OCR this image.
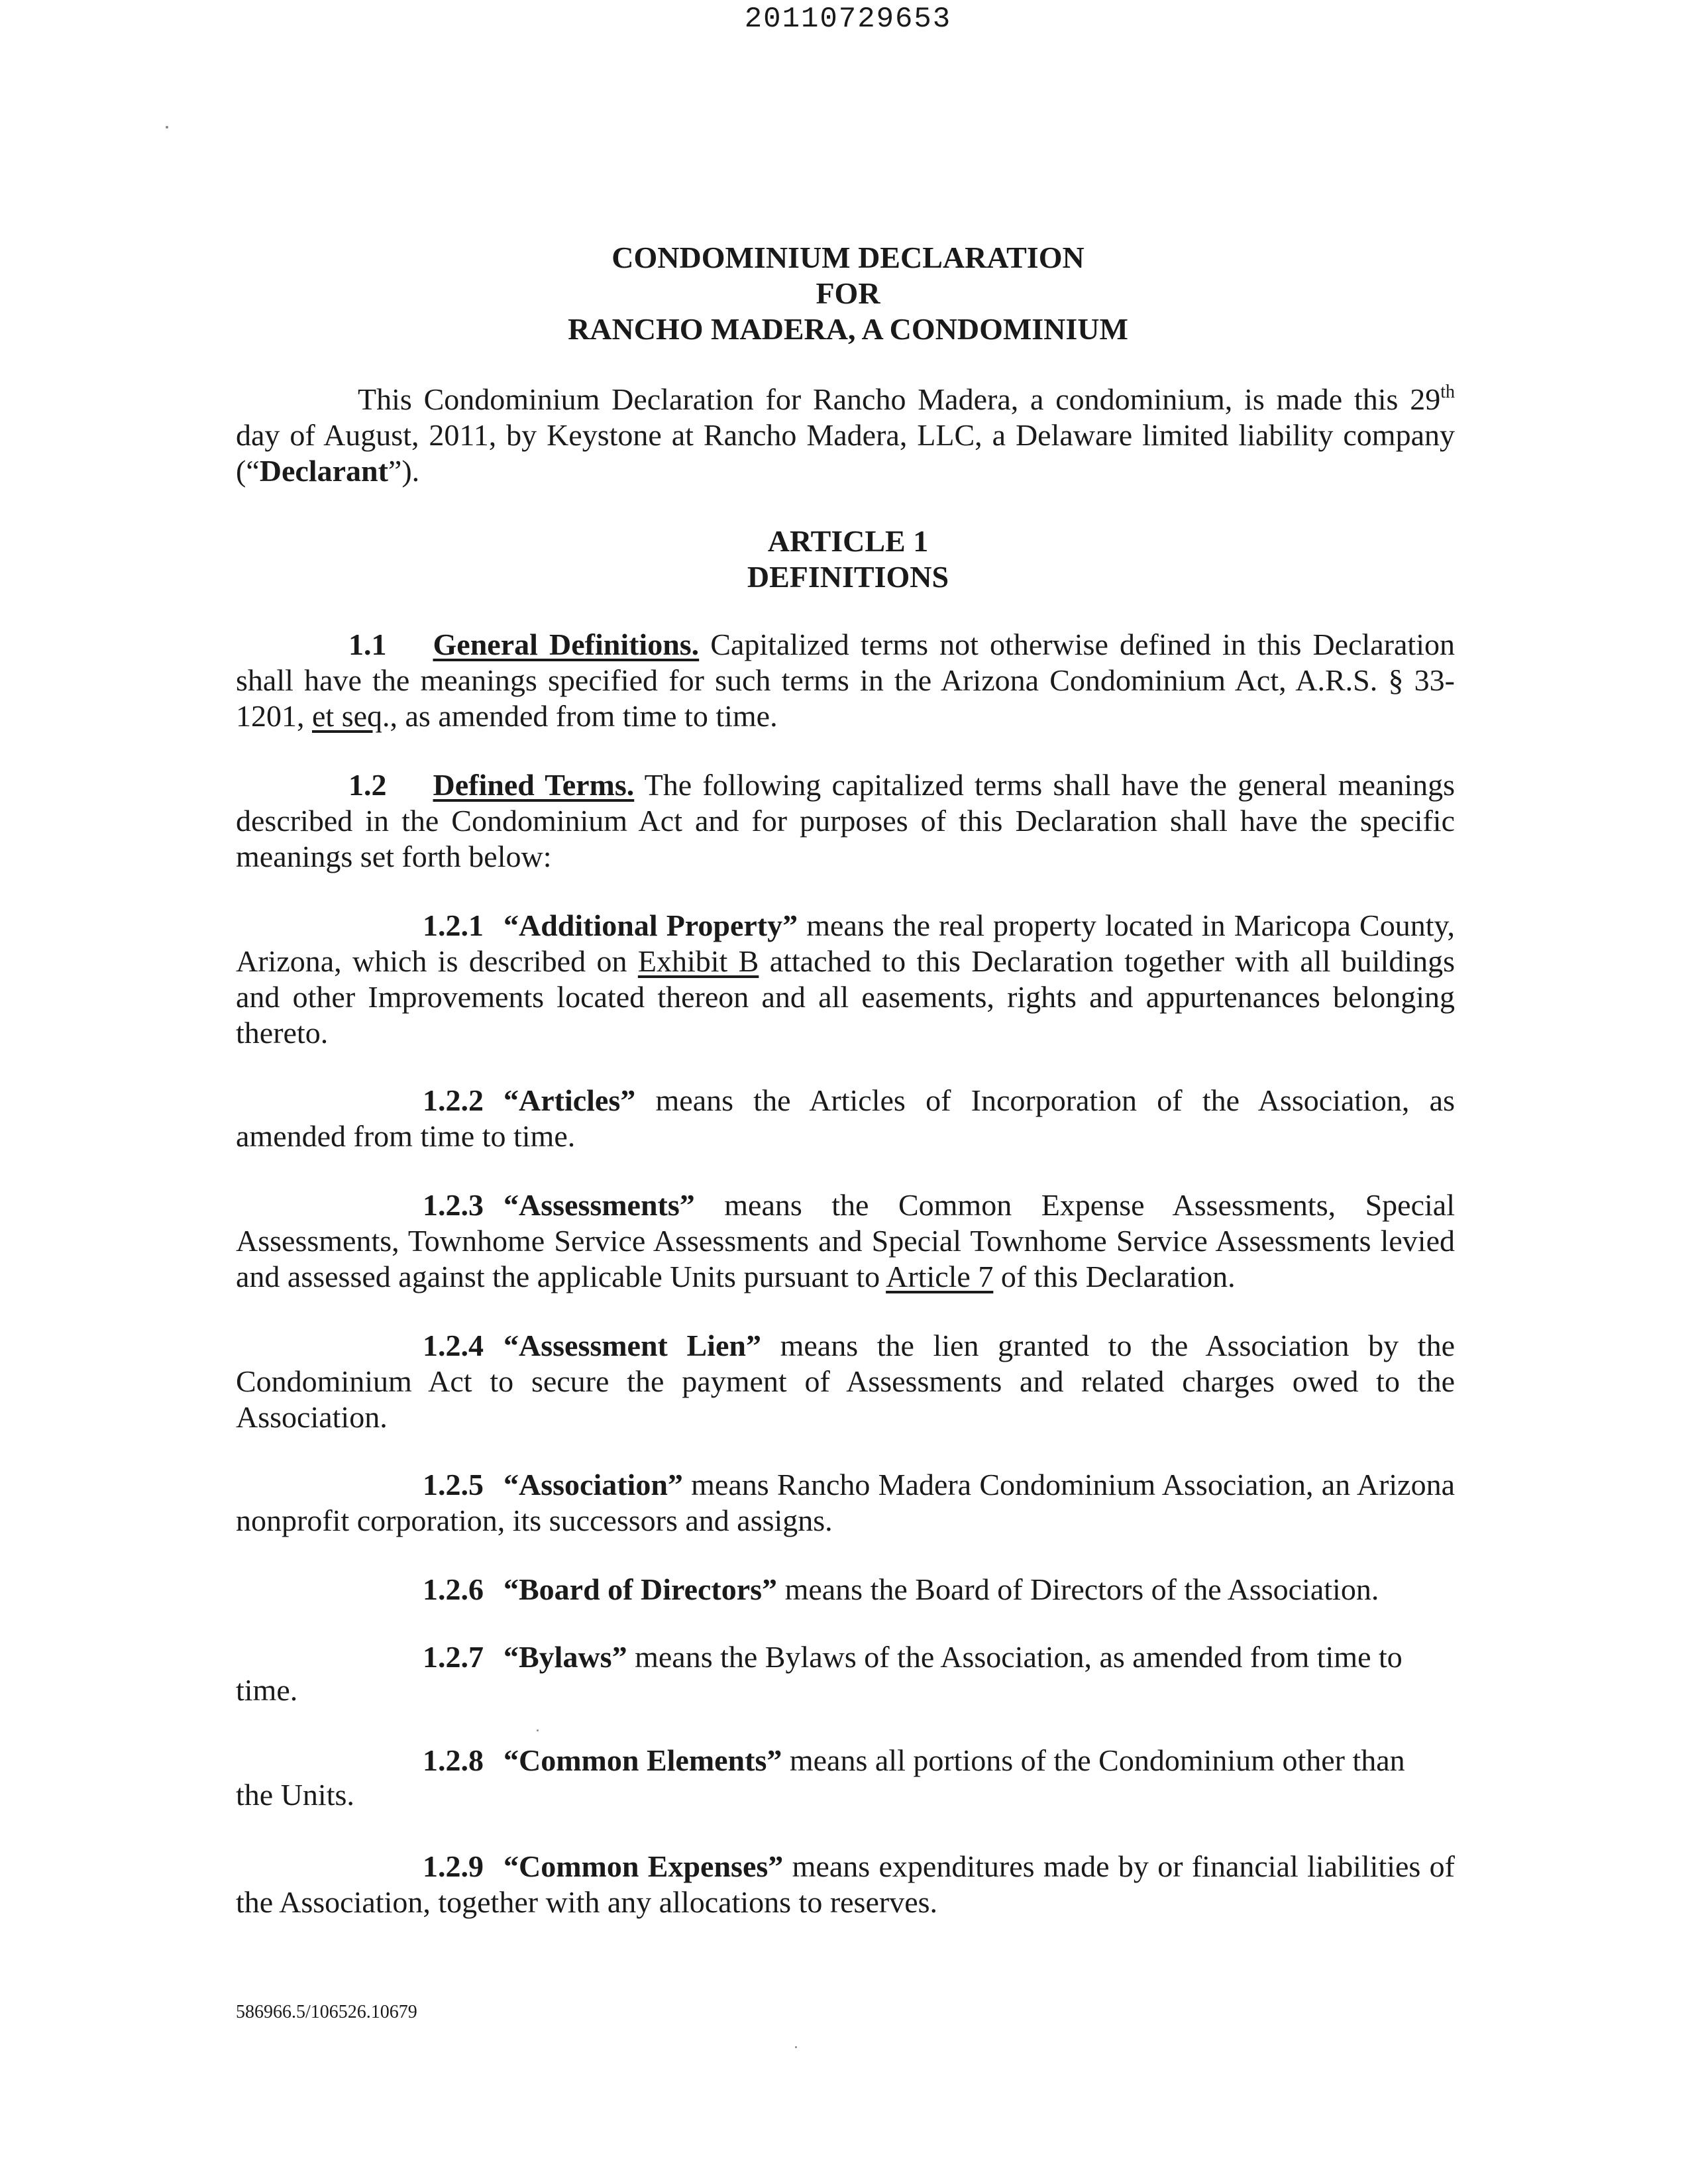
20110729653
CONDOMINIUM DECLARATION
FOR
RANCHO MADERA, A CONDOMINIUM
This Condominium Declaration for Rancho Madera, a condominium, is made this 29th day of August, 2011, by Keystone at Rancho Madera, LLC, a Delaware limited liability company (“Declarant”).
ARTICLE 1
DEFINITIONS
1.1 General Definitions. Capitalized terms not otherwise defined in this Declaration shall have the meanings specified for such terms in the Arizona Condominium Act, A.R.S. § 33-1201, et seq., as amended from time to time.
1.2 Defined Terms. The following capitalized terms shall have the general meanings described in the Condominium Act and for purposes of this Declaration shall have the specific meanings set forth below:
1.2.1 “Additional Property” means the real property located in Maricopa County, Arizona, which is described on Exhibit B attached to this Declaration together with all buildings and other Improvements located thereon and all easements, rights and appurtenances belonging thereto.
1.2.2 “Articles” means the Articles of Incorporation of the Association, as amended from time to time.
1.2.3 “Assessments” means the Common Expense Assessments, Special Assessments, Townhome Service Assessments and Special Townhome Service Assessments levied and assessed against the applicable Units pursuant to Article 7 of this Declaration.
1.2.4 “Assessment Lien” means the lien granted to the Association by the Condominium Act to secure the payment of Assessments and related charges owed to the Association.
1.2.5 “Association” means Rancho Madera Condominium Association, an Arizona nonprofit corporation, its successors and assigns.
1.2.6 “Board of Directors” means the Board of Directors of the Association.
1.2.7 “Bylaws” means the Bylaws of the Association, as amended from time to
time.
1.2.8 “Common Elements” means all portions of the Condominium other than
the Units.
1.2.9 “Common Expenses” means expenditures made by or financial liabilities of the Association, together with any allocations to reserves.
586966.5/106526.10679
